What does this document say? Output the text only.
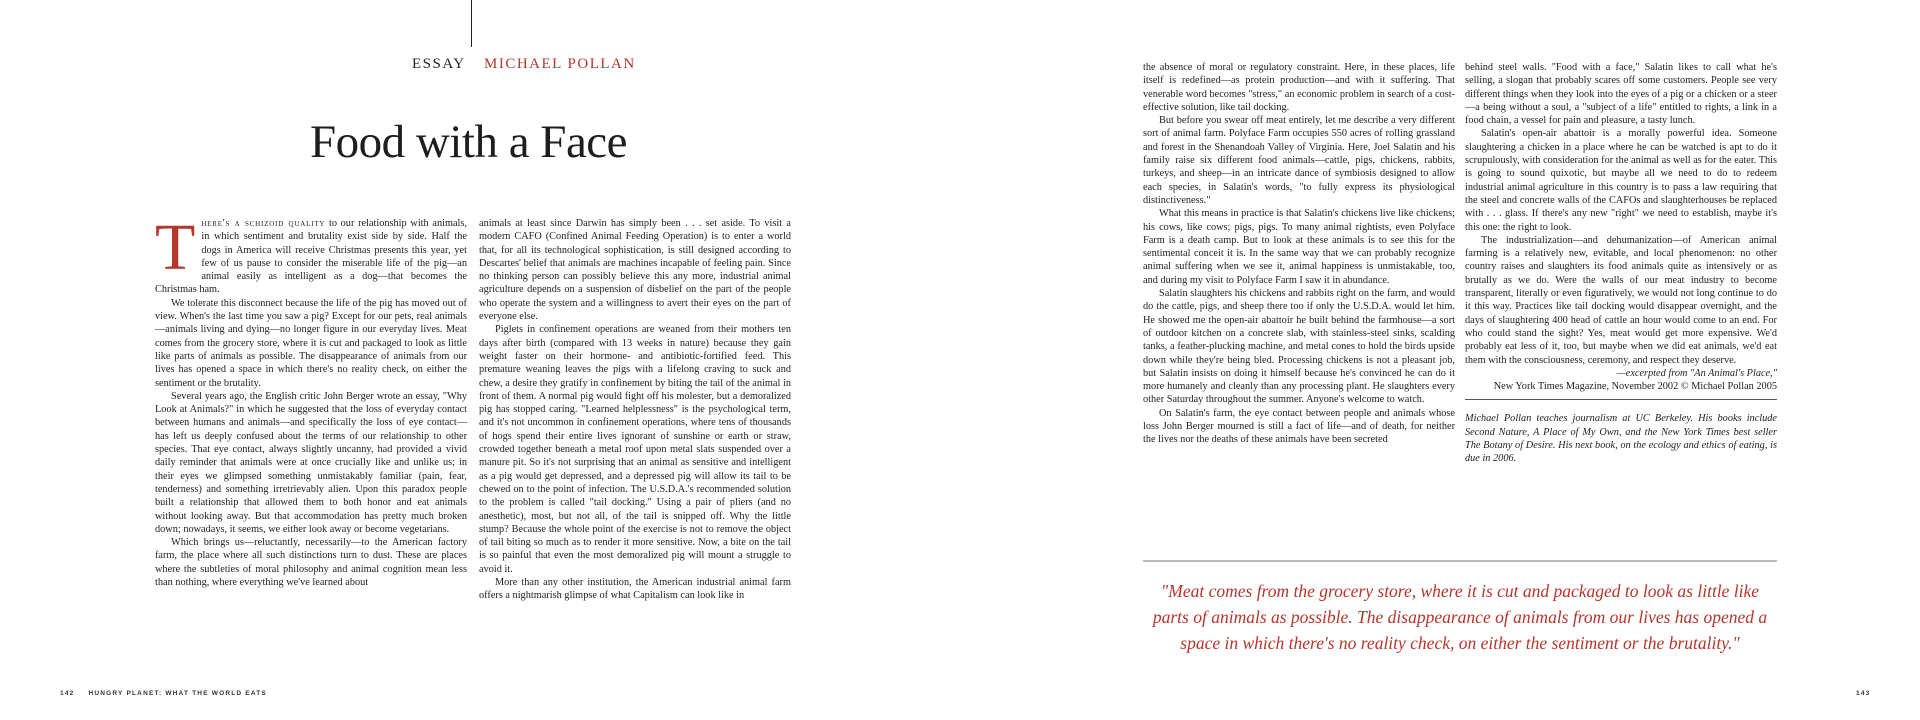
ESSAY MICHAEL POLLAN
Food with a Face

There's a schizoid quality to our relationship with animals, in which sentiment and brutality exist side by side. Half the dogs in America will receive Christmas presents this year, yet few of us pause to consider the miserable life of the pig—an animal easily as intelligent as a dog—that becomes the Christmas ham.

We tolerate this disconnect because the life of the pig has moved out of view. When's the last time you saw a pig? Except for our pets, real animals—animals living and dying—no longer figure in our everyday lives. Meat comes from the grocery store, where it is cut and packaged to look as little like parts of animals as possible. The disappearance of animals from our lives has opened a space in which there's no reality check, on either the sentiment or the brutality.

Several years ago, the English critic John Berger wrote an essay, "Why Look at Animals?" in which he suggested that the loss of everyday contact between humans and animals—and specifically the loss of eye contact—has left us deeply confused about the terms of our relationship to other species. That eye contact, always slightly uncanny, had provided a vivid daily reminder that animals were at once crucially like and unlike us; in their eyes we glimpsed something unmistakably familiar (pain, fear, tenderness) and something irretrievably alien. Upon this paradox people built a relationship that allowed them to both honor and eat animals without looking away. But that accommodation has pretty much broken down; nowadays, it seems, we either look away or become vegetarians.

Which brings us—reluctantly, necessarily—to the American factory farm, the place where all such distinctions turn to dust. These are places where the subtleties of moral philosophy and animal cognition mean less than nothing, where everything we've learned about

animals at least since Darwin has simply been . . . set aside. To visit a modern CAFO (Confined Animal Feeding Operation) is to enter a world that, for all its technological sophistication, is still designed according to Descartes' belief that animals are machines incapable of feeling pain. Since no thinking person can possibly believe this any more, industrial animal agriculture depends on a suspension of disbelief on the part of the people who operate the system and a willingness to avert their eyes on the part of everyone else.

Piglets in confinement operations are weaned from their mothers ten days after birth (compared with 13 weeks in nature) because they gain weight faster on their hormone- and antibiotic-fortified feed. This premature weaning leaves the pigs with a lifelong craving to suck and chew, a desire they gratify in confinement by biting the tail of the animal in front of them. A normal pig would fight off his molester, but a demoralized pig has stopped caring. "Learned helplessness" is the psychological term, and it's not uncommon in confinement operations, where tens of thousands of hogs spend their entire lives ignorant of sunshine or earth or straw, crowded together beneath a metal roof upon metal slats suspended over a manure pit. So it's not surprising that an animal as sensitive and intelligent as a pig would get depressed, and a depressed pig will allow its tail to be chewed on to the point of infection. The U.S.D.A.'s recommended solution to the problem is called "tail docking." Using a pair of pliers (and no anesthetic), most, but not all, of the tail is snipped off. Why the little stump? Because the whole point of the exercise is not to remove the object of tail biting so much as to render it more sensitive. Now, a bite on the tail is so painful that even the most demoralized pig will mount a struggle to avoid it.

More than any other institution, the American industrial animal farm offers a nightmarish glimpse of what Capitalism can look like in

the absence of moral or regulatory constraint. Here, in these places, life itself is redefined—as protein production—and with it suffering. That venerable word becomes "stress," an economic problem in search of a cost-effective solution, like tail docking.

But before you swear off meat entirely, let me describe a very different sort of animal farm. Polyface Farm occupies 550 acres of rolling grassland and forest in the Shenandoah Valley of Virginia. Here, Joel Salatin and his family raise six different food animals—cattle, pigs, chickens, rabbits, turkeys, and sheep—in an intricate dance of symbiosis designed to allow each species, in Salatin's words, "to fully express its physiological distinctiveness."

What this means in practice is that Salatin's chickens live like chickens; his cows, like cows; pigs, pigs. To many animal rightists, even Polyface Farm is a death camp. But to look at these animals is to see this for the sentimental conceit it is. In the same way that we can probably recognize animal suffering when we see it, animal happiness is unmistakable, too, and during my visit to Polyface Farm I saw it in abundance.

Salatin slaughters his chickens and rabbits right on the farm, and would do the cattle, pigs, and sheep there too if only the U.S.D.A. would let him. He showed me the open-air abattoir he built behind the farmhouse—a sort of outdoor kitchen on a concrete slab, with stainless-steel sinks, scalding tanks, a feather-plucking machine, and metal cones to hold the birds upside down while they're being bled. Processing chickens is not a pleasant job, but Salatin insists on doing it himself because he's convinced he can do it more humanely and cleanly than any processing plant. He slaughters every other Saturday throughout the summer. Anyone's welcome to watch.

On Salatin's farm, the eye contact between people and animals whose loss John Berger mourned is still a fact of life—and of death, for neither the lives nor the deaths of these animals have been secreted

behind steel walls. "Food with a face," Salatin likes to call what he's selling, a slogan that probably scares off some customers. People see very different things when they look into the eyes of a pig or a chicken or a steer—a being without a soul, a "subject of a life" entitled to rights, a link in a food chain, a vessel for pain and pleasure, a tasty lunch.

Salatin's open-air abattoir is a morally powerful idea. Someone slaughtering a chicken in a place where he can be watched is apt to do it scrupulously, with consideration for the animal as well as for the eater. This is going to sound quixotic, but maybe all we need to do to redeem industrial animal agriculture in this country is to pass a law requiring that the steel and concrete walls of the CAFOs and slaughterhouses be replaced with . . . glass. If there's any new "right" we need to establish, maybe it's this one: the right to look.

The industrialization—and dehumanization—of American animal farming is a relatively new, evitable, and local phenomenon: no other country raises and slaughters its food animals quite as intensively or as brutally as we do. Were the walls of our meat industry to become transparent, literally or even figuratively, we would not long continue to do it this way. Practices like tail docking would disappear overnight, and the days of slaughtering 400 head of cattle an hour would come to an end. For who could stand the sight? Yes, meat would get more expensive. We'd probably eat less of it, too, but maybe when we did eat animals, we'd eat them with the consciousness, ceremony, and respect they deserve.

—excerpted from "An Animal's Place,"

New York Times Magazine, November 2002 © Michael Pollan 2005

Michael Pollan teaches journalism at UC Berkeley. His books include Second Nature, A Place of My Own, and the New York Times best seller The Botany of Desire. His next book, on the ecology and ethics of eating, is due in 2006.

"Meat comes from the grocery store, where it is cut and packaged to look as little like parts of animals as possible. The disappearance of animals from our lives has opened a space in which there's no reality check, on either the sentiment or the brutality."

142 HUNGRY PLANET: WHAT THE WORLD EATS	143
